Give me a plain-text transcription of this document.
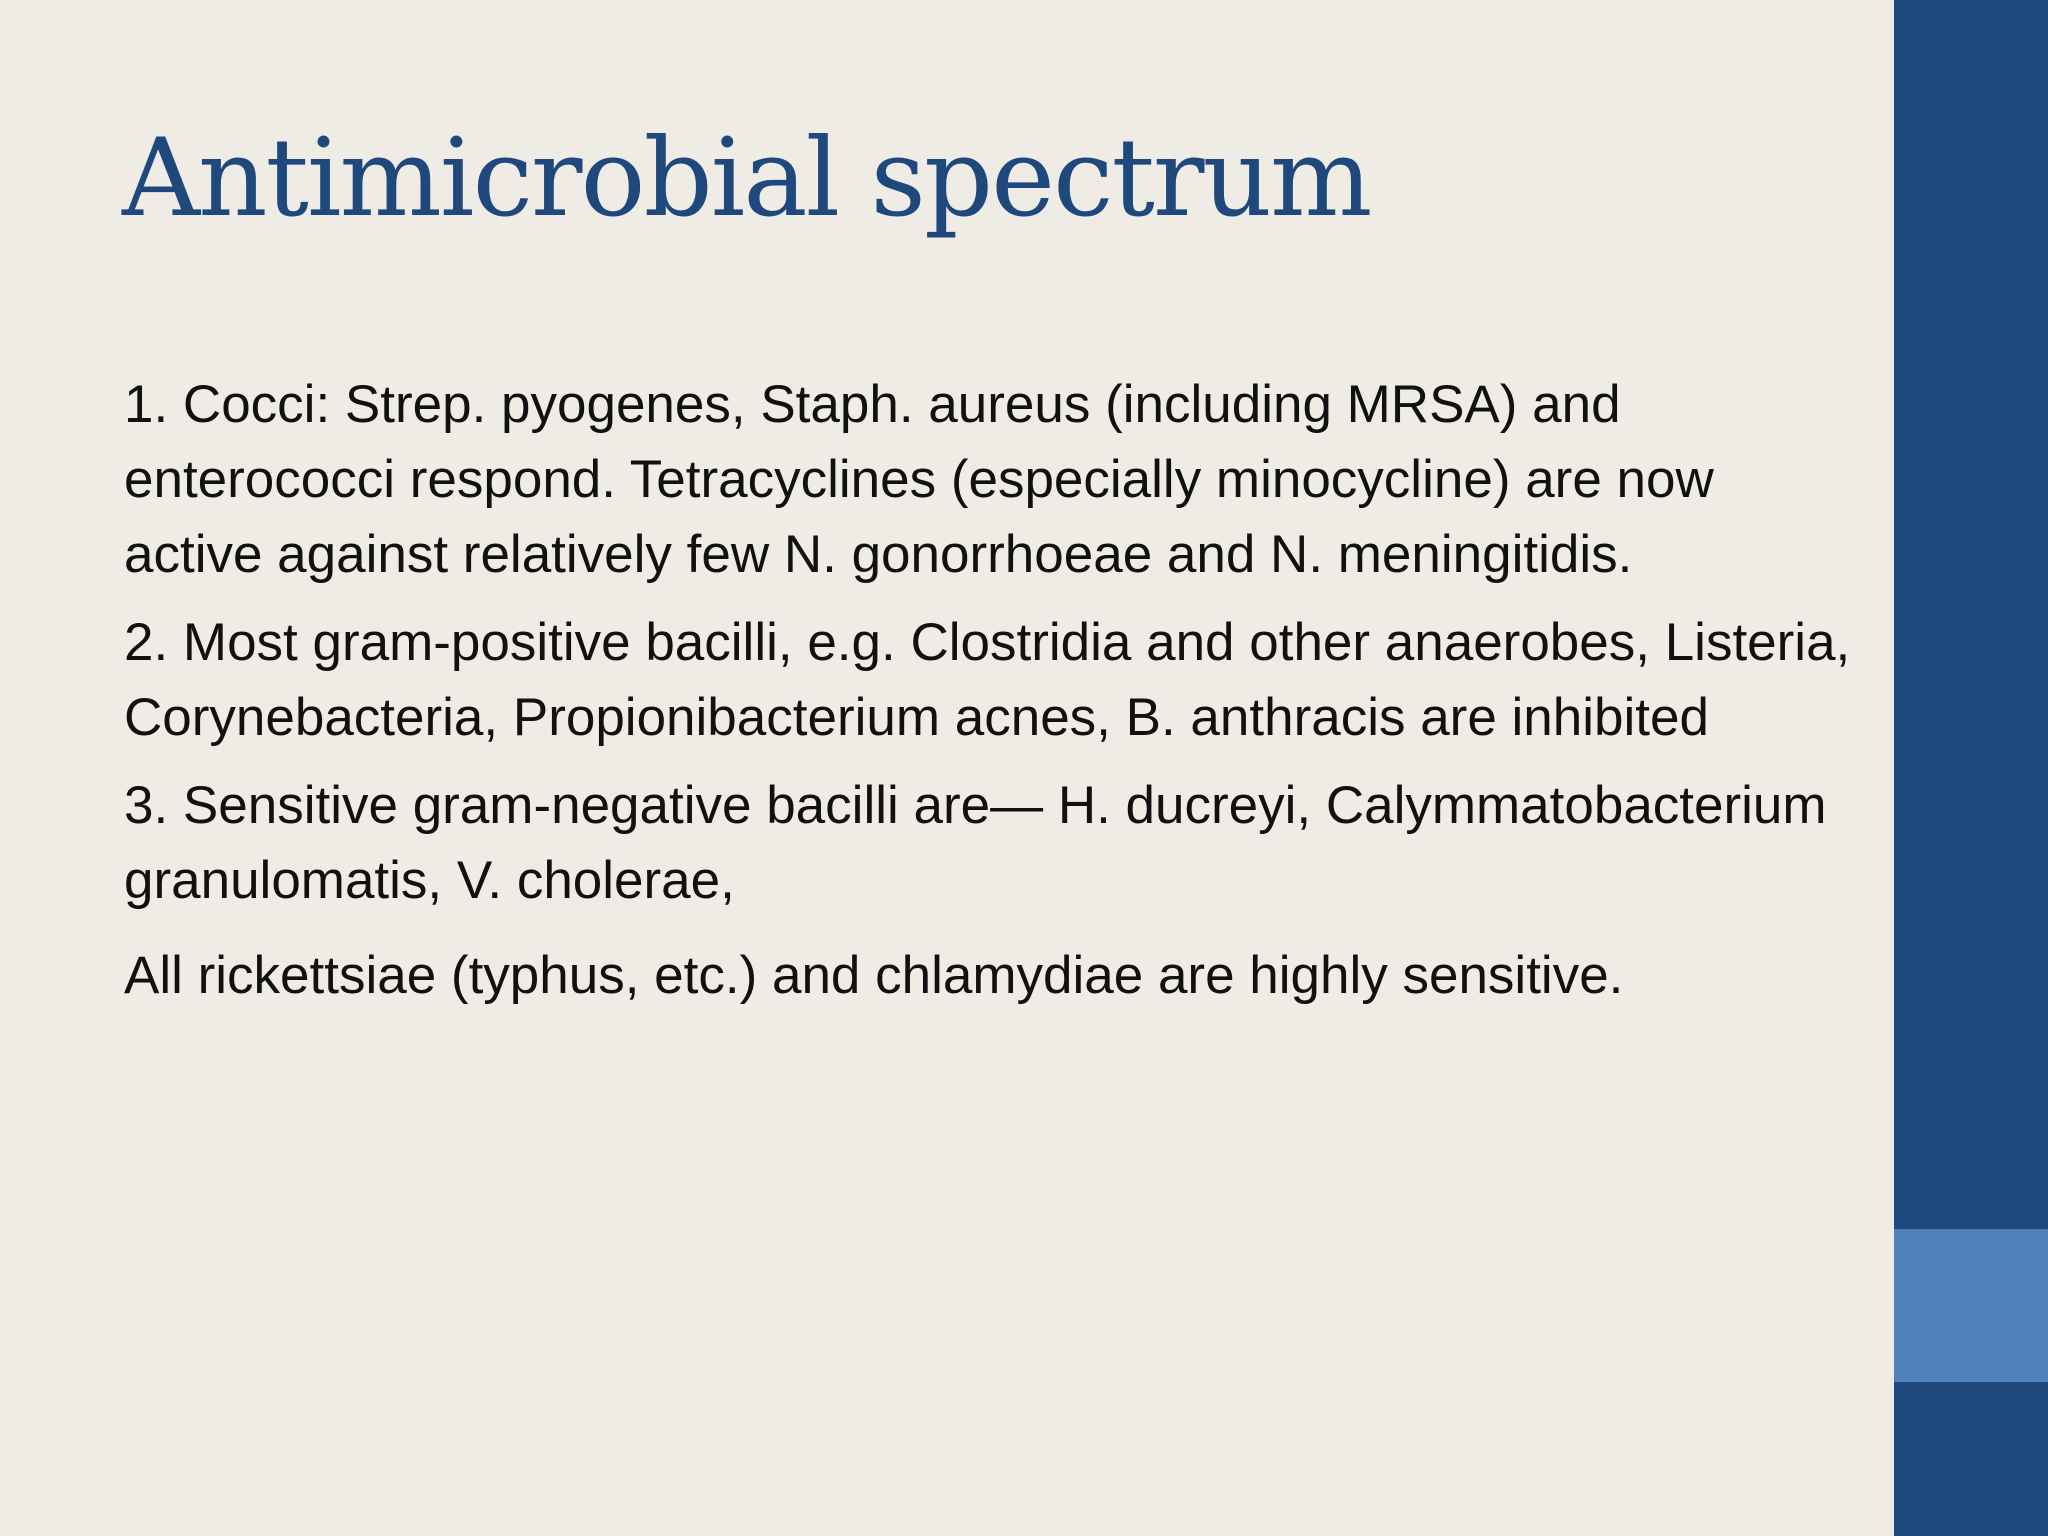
Antimicrobial spectrum

1. Cocci: Strep. pyogenes, Staph. aureus (including MRSA) and enterococci respond. Tetracyclines (especially minocycline) are now active against relatively few N. gonorrhoeae and N. meningitidis.

2. Most gram-positive bacilli, e.g. Clostridia and other anaerobes, Listeria, Corynebacteria, Propionibacterium acnes, B. anthracis are inhibited

3. Sensitive gram-negative bacilli are— H. ducreyi, Calymmatobacterium granulomatis, V. cholerae,

All rickettsiae (typhus, etc.) and chlamydiae are highly sensitive.
